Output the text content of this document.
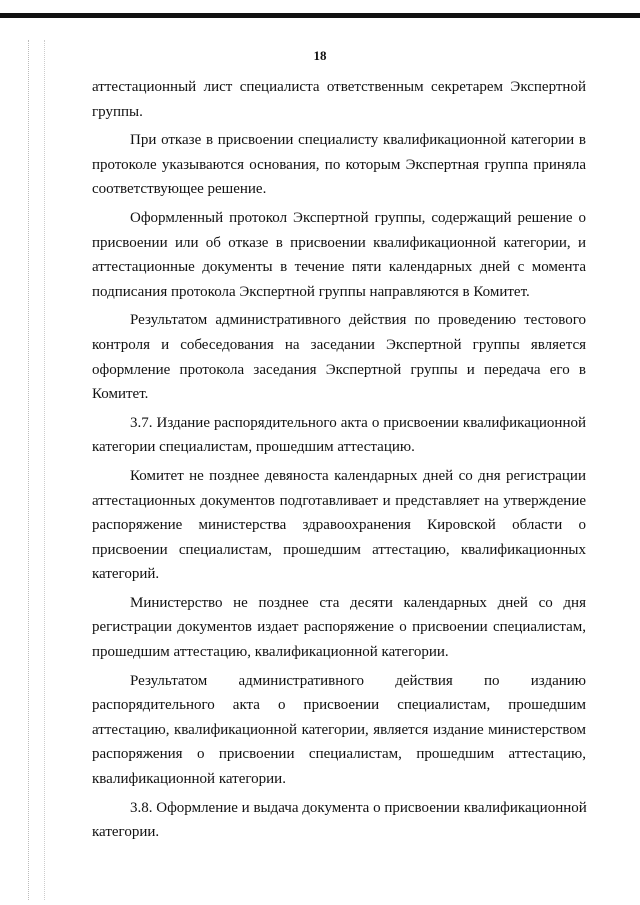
18
аттестационный лист специалиста ответственным секретарем Экспертной
группы.
При отказе в присвоении специалисту квалификационной категории в
протоколе указываются основания, по которым Экспертная группа приняла
соответствующее решение.
Оформленный протокол Экспертной группы, содержащий решение о
присвоении или об отказе в присвоении квалификационной категории, и
аттестационные документы в течение пяти календарных дней с момента
подписания протокола Экспертной группы направляются в Комитет.
Результатом административного действия по проведению тестового
контроля и собеседования на заседании Экспертной группы является
оформление протокола заседания Экспертной группы и передача его в
Комитет.
3.7. Издание распорядительного акта о присвоении квалификационной
категории специалистам, прошедшим аттестацию.
Комитет не позднее девяноста календарных дней со дня регистрации
аттестационных документов подготавливает и представляет на утверждение
распоряжение министерства здравоохранения Кировской области о
присвоении специалистам, прошедшим аттестацию, квалификационных
категорий.
Министерство не позднее ста десяти календарных дней со дня
регистрации документов издает распоряжение о присвоении специалистам,
прошедшим аттестацию, квалификационной категории.
Результатом административного действия по изданию
распорядительного акта о присвоении специалистам, прошедшим
аттестацию, квалификационной категории, является издание министерством
распоряжения о присвоении специалистам, прошедшим аттестацию,
квалификационной категории.
3.8. Оформление и выдача документа о присвоении квалификационной
категории.
